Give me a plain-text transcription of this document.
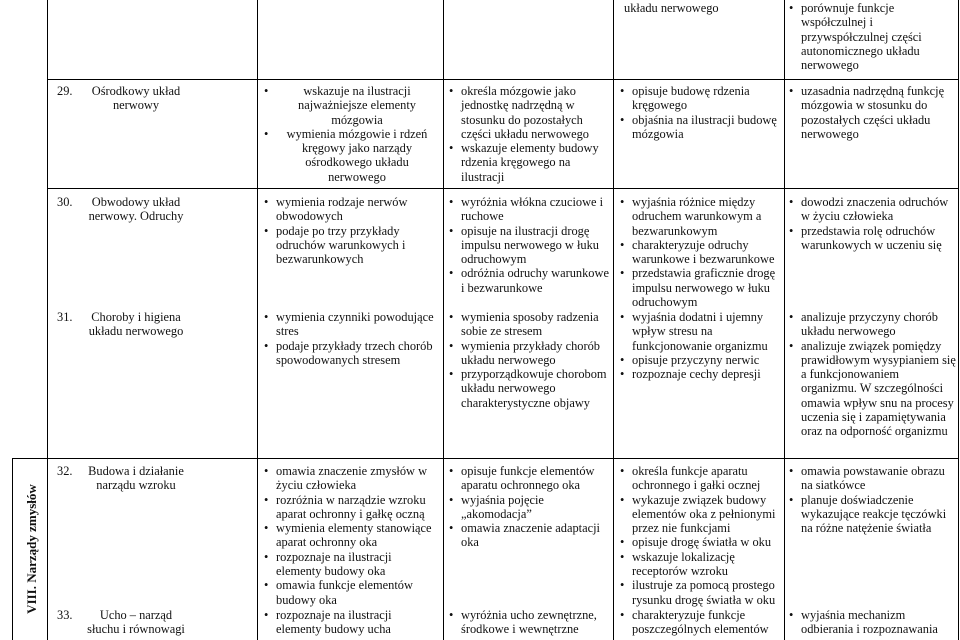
układu nerwowego
•	porównuje funkcje współczulnej i przywspółczulnej części autonomicznego układu nerwowego
29.	Ośrodkowy układ nerwowy
• wskazuje na ilustracji najważniejsze elementy mózgowia
• wymienia mózgowie i rdzeń kręgowy jako narządy ośrodkowego układu nerwowego
• określa mózgowie jako jednostkę nadrzędną w stosunku do pozostałych części układu nerwowego
• wskazuje elementy budowy rdzenia kręgowego na ilustracji
• opisuje budowę rdzenia kręgowego
• objaśnia na ilustracji budowę mózgowia
• uzasadnia nadrzędną funkcję mózgowia w stosunku do pozostałych części układu nerwowego
30.	Obwodowy układ nerwowy. Odruchy
• wymienia rodzaje nerwów obwodowych
• podaje po trzy przykłady odruchów warunkowych i bezwarunkowych
• wyróżnia włókna czuciowe i ruchowe
• opisuje na ilustracji drogę impulsu nerwowego w łuku odruchowym
• odróżnia odruchy warunkowe i bezwarunkowe
• wyjaśnia różnice między odruchem warunkowym a bezwarunkowym
• charakteryzuje odruchy warunkowe i bezwarunkowe
• przedstawia graficznie drogę impulsu nerwowego w łuku odruchowym
• dowodzi znaczenia odruchów w życiu człowieka
• przedstawia rolę odruchów warunkowych w uczeniu się
31.	Choroby i higiena układu nerwowego
• wymienia czynniki powodujące stres
• podaje przykłady trzech chorób spowodowanych stresem
• wymienia sposoby radzenia sobie ze stresem
• wymienia przykłady chorób układu nerwowego
• przyporządkowuje chorobom układu nerwowego charakterystyczne objawy
• wyjaśnia dodatni i ujemny wpływ stresu na funkcjonowanie organizmu
• opisuje przyczyny nerwic
• rozpoznaje cechy depresji
• analizuje przyczyny chorób układu nerwowego
• analizuje związek pomiędzy prawidłowym wysypianiem się a funkcjonowaniem organizmu. W szczególności omawia wpływ snu na procesy uczenia się i zapamiętywania oraz na odporność organizmu
VIII. Narządy zmysłów
32. Budowa i działanie narządu wzroku
• omawia znaczenie zmysłów w życiu człowieka
• rozróżnia w narządzie wzroku aparat ochronny i gałkę oczną
• wymienia elementy stanowiące aparat ochronny oka
• rozpoznaje na ilustracji elementy budowy oka
• omawia funkcje elementów budowy oka
• opisuje funkcje elementów aparatu ochronnego oka
• wyjaśnia pojęcie „akomodacja”
• omawia znaczenie adaptacji oka
• określa funkcje aparatu ochronnego i gałki ocznej
• wykazuje związek budowy elementów oka z pełnionymi przez nie funkcjami
• opisuje drogę światła w oku
• wskazuje lokalizację receptorów wzroku
• ilustruje za pomocą prostego rysunku drogę światła w oku
• omawia powstawanie obrazu na siatkówce
• planuje doświadczenie wykazujące reakcje tęczówki na różne natężenie światła
33.	Ucho – narząd słuchu i równowagi
• rozpoznaje na ilustracji elementy budowy ucha
• wyróżnia ucho zewnętrzne, środkowe i wewnętrzne
• charakteryzuje funkcje poszczególnych elementów
• wyjaśnia mechanizm odbierania i rozpoznawania
